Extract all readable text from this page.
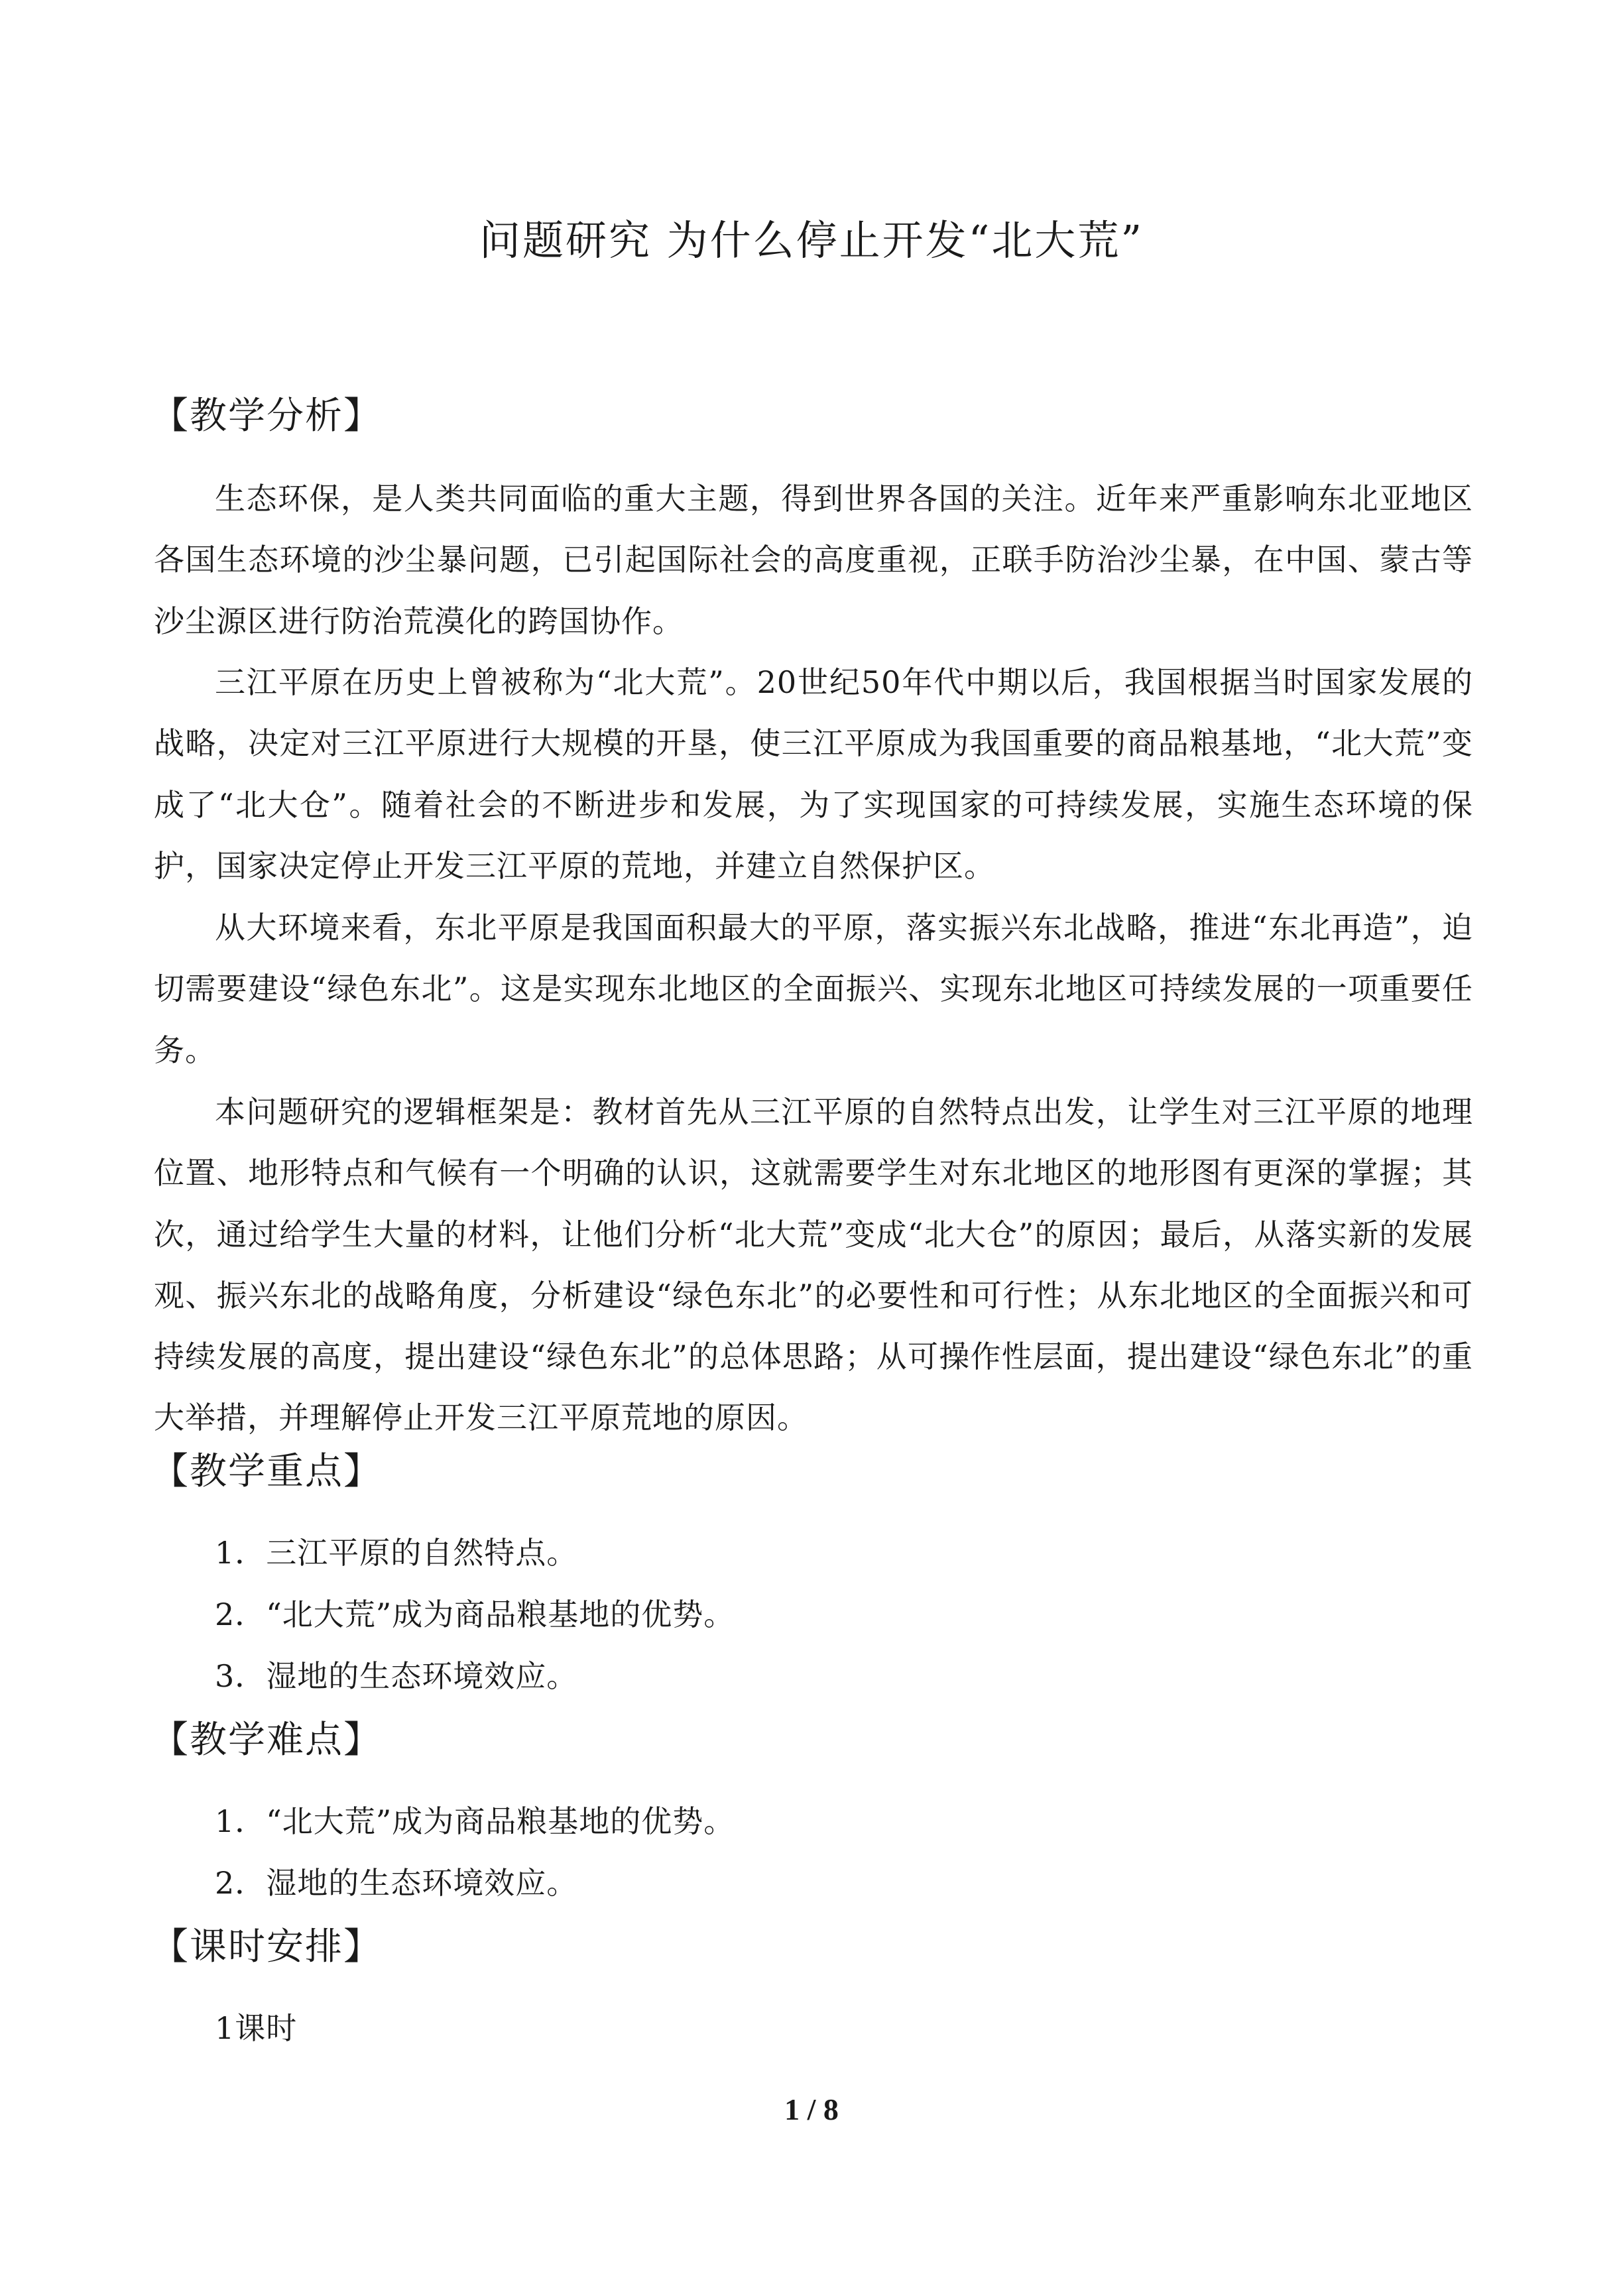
问题研究 为什么停止开发“北大荒”
【教学分析】

生态环保，是人类共同面临的重大主题，得到世界各国的关注。近年来严重影响东北亚地区各国生态环境的沙尘暴问题，已引起国际社会的高度重视，正联手防治沙尘暴，在中国、蒙古等沙尘源区进行防治荒漠化的跨国协作。

三江平原在历史上曾被称为“北大荒”。20世纪50年代中期以后，我国根据当时国家发展的战略，决定对三江平原进行大规模的开垦，使三江平原成为我国重要的商品粮基地，“北大荒”变成了“北大仓”。随着社会的不断进步和发展，为了实现国家的可持续发展，实施生态环境的保护，国家决定停止开发三江平原的荒地，并建立自然保护区。

从大环境来看，东北平原是我国面积最大的平原，落实振兴东北战略，推进“东北再造”，迫切需要建设“绿色东北”。这是实现东北地区的全面振兴、实现东北地区可持续发展的一项重要任务。

本问题研究的逻辑框架是：教材首先从三江平原的自然特点出发，让学生对三江平原的地理位置、地形特点和气候有一个明确的认识，这就需要学生对东北地区的地形图有更深的掌握；其次，通过给学生大量的材料，让他们分析“北大荒”变成“北大仓”的原因；最后，从落实新的发展观、振兴东北的战略角度，分析建设“绿色东北”的必要性和可行性；从东北地区的全面振兴和可持续发展的高度，提出建设“绿色东北”的总体思路；从可操作性层面，提出建设“绿色东北”的重大举措，并理解停止开发三江平原荒地的原因。

【教学重点】
1．三江平原的自然特点。
2．“北大荒”成为商品粮基地的优势。
3．湿地的生态环境效应。
【教学难点】
1．“北大荒”成为商品粮基地的优势。
2．湿地的生态环境效应。
【课时安排】
1课时
1 / 8
